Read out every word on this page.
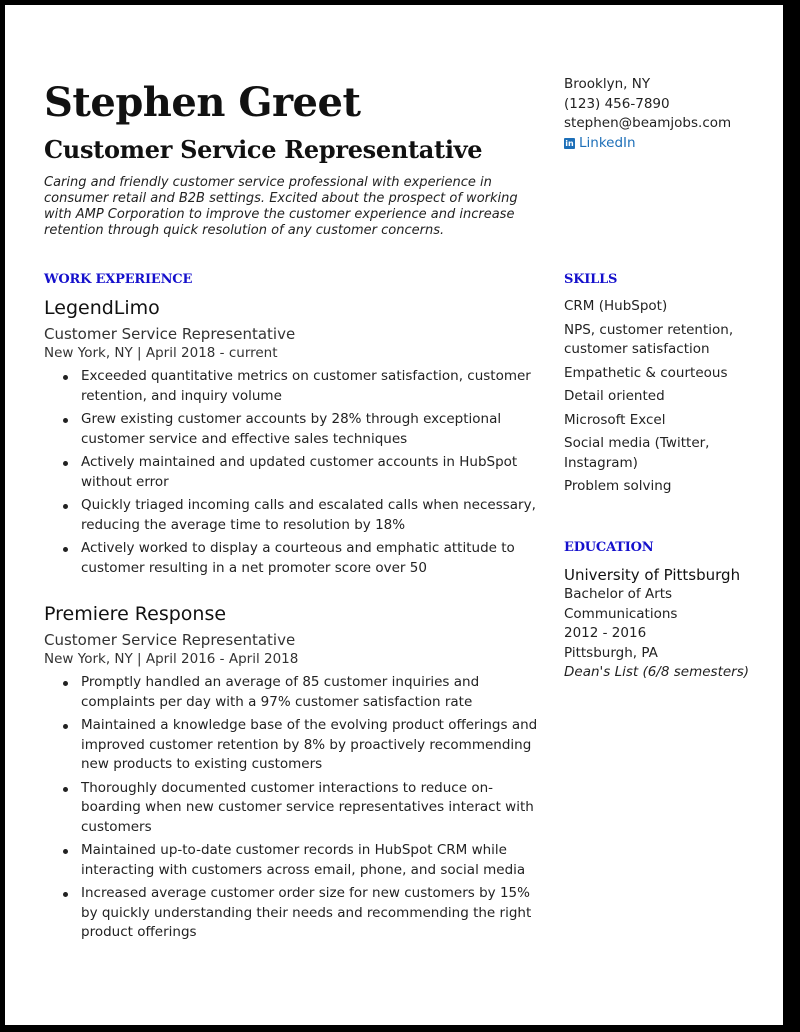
Stephen Greet
Customer Service Representative
Caring and friendly customer service professional with experience in consumer retail and B2B settings. Excited about the prospect of working with AMP Corporation to improve the customer experience and increase retention through quick resolution of any customer concerns.
Brooklyn, NY
(123) 456-7890
stephen@beamjobs.com
in LinkedIn
WORK EXPERIENCE	SKILLS
EDUCATION
LegendLimo
Customer Service Representative
New York, NY | April 2018 - current
Exceeded quantitative metrics on customer satisfaction, customer retention, and inquiry volume
Grew existing customer accounts by 28% through exceptional customer service and effective sales techniques
Actively maintained and updated customer accounts in HubSpot without error
Quickly triaged incoming calls and escalated calls when necessary, reducing the average time to resolution by 18%
Actively worked to display a courteous and emphatic attitude to customer resulting in a net promoter score over 50
Premiere Response
Customer Service Representative
New York, NY | April 2016 - April 2018
Promptly handled an average of 85 customer inquiries and complaints per day with a 97% customer satisfaction rate
Maintained a knowledge base of the evolving product offerings and improved customer retention by 8% by proactively recommending new products to existing customers
Thoroughly documented customer interactions to reduce on-boarding when new customer service representatives interact with customers
Maintained up-to-date customer records in HubSpot CRM while interacting with customers across email, phone, and social media
Increased average customer order size for new customers by 15% by quickly understanding their needs and recommending the right product offerings
CRM (HubSpot)
NPS, customer retention, customer satisfaction
Empathetic & courteous
Detail oriented
Microsoft Excel
Social media (Twitter, Instagram)
Problem solving
University of Pittsburgh
Bachelor of Arts
Communications
2012 - 2016
Pittsburgh, PA
Dean's List (6/8 semesters)
